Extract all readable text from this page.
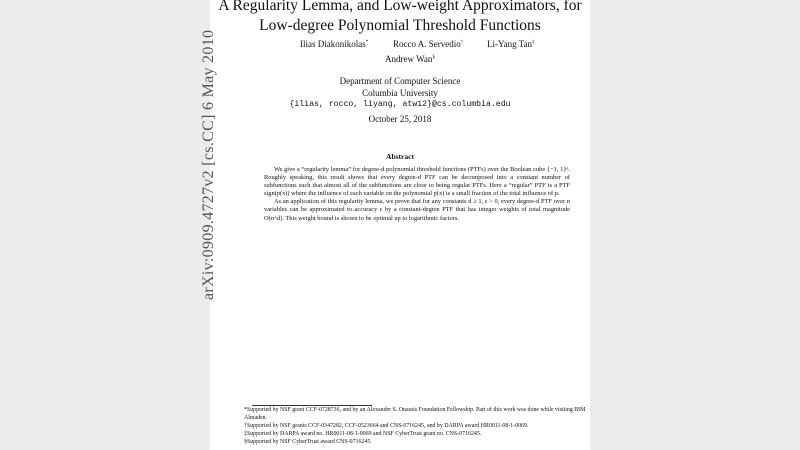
A Regularity Lemma, and Low-weight Approximators, for
Low-degree Polynomial Threshold Functions
Ilias Diakonikolas*	Rocco A. Servedio†	Li-Yang Tan‡
Andrew Wan§
Department of Computer Science
Columbia University
{ilias, rocco, liyang, atw12}@cs.columbia.edu
October 25, 2018
Abstract

We give a “regularity lemma” for degree-d polynomial threshold functions (PTFs) over the Boolean cube {−1, 1}ⁿ. Roughly speaking, this result shows that every degree-d PTF can be decomposed into a constant number of subfunctions such that almost all of the subfunctions are close to being regular PTFs. Here a “regular” PTF is a PTF sign(p(x)) where the influence of each variable on the polynomial p(x) is a small fraction of the total influence of p.

As an application of this regularity lemma, we prove that for any constants d ≥ 1, ε > 0, every degree-d PTF over n variables can be approximated to accuracy ε by a constant-degree PTF that has integer weights of total magnitude O(n^d). This weight bound is shown to be optimal up to logarithmic factors.

*Supported by NSF grant CCF-0728736, and by an Alexander S. Onassis Foundation Fellowship. Part of this work was done while visiting IBM Almaden.
†Supported by NSF grants CCF-0347282, CCF-0523664 and CNS-0716245, and by DARPA award HR0011-08-1-0069.
‡Supported by DARPA award no. HR0011-08-1-0069 and NSF CyberTrust grant no. CNS-0716245.
§Supported by NSF CyberTrust award CNS-0716245.
arXiv:0909.4727v2 [cs.CC] 6 May 2010
